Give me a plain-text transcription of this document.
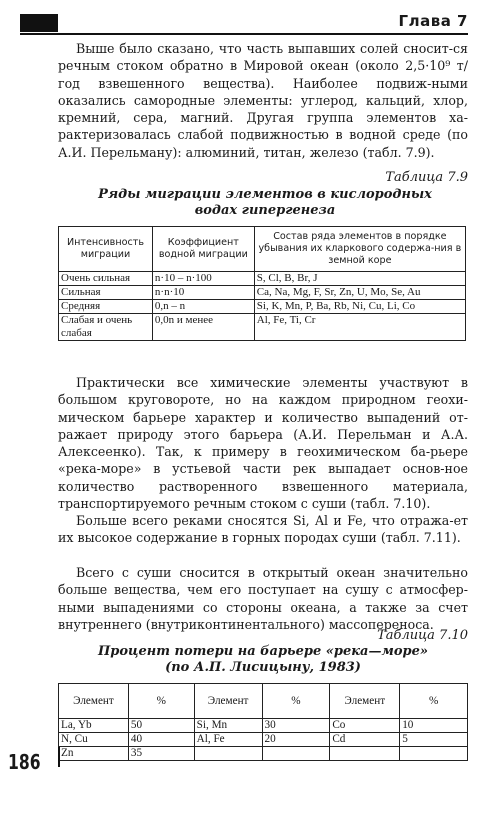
Глава 7
Выше было сказано, что часть выпавших солей сносит-ся речным стоком обратно в Мировой океан (около 2,5·10⁹ т/год взвешенного вещества). Наиболее подвиж-ными оказались самородные элементы: углерод, кальций, хлор, кремний, сера, магний. Другая группа элементов ха-рактеризовалась слабой подвижностью в водной среде (по А.И. Перельману): алюминий, титан, железо (табл. 7.9).
Таблица 7.9
Ряды миграции элементов в кислородных водах гипергенеза
Интенсивность миграции	Коэффициент водной миграции	Состав ряда элементов в порядке убывания их кларкового содержа-ния в земной коре
Очень сильная	n·10 – n·100	S, Cl, B, Br, J
Сильная	n·n·10	Ca, Na, Mg, F, Sr, Zn, U, Mo, Se, Au
Средняя	0,n – n	Si, K, Mn, P, Ba, Rb, Ni, Cu, Li, Co
Слабая и очень слабая	0,0n и менее	Al, Fe, Ti, Cr
Практически все химические элементы участвуют в большом круговороте, но на каждом природном геохи-мическом барьере характер и количество выпадений от-ражает природу этого барьера (А.И. Перельман и А.А. Алексеенко). Так, к примеру в геохимическом ба-рьере «река-море» в устьевой части рек выпадает основ-ное количество растворенного взвешенного материала, транспортируемого речным стоком с суши (табл. 7.10).
Больше всего реками сносятся Si, Al и Fe, что отража-ет их высокое содержание в горных породах суши (табл. 7.11).
Всего с суши сносится в открытый океан значительно больше вещества, чем его поступает на сушу с атмосфер-ными выпадениями со стороны океана, а также за счет внутреннего (внутриконтинентального) массопереноса.
Таблица 7.10
Процент потери на барьере «река—море»
(по А.П. Лисицыну, 1983)
Элемент	%	Элемент	%	Элемент	%
La, Yb	50	Si, Mn	30	Co	10
N, Cu	40	Al, Fe	20	Cd	5
Zn	35				
186
